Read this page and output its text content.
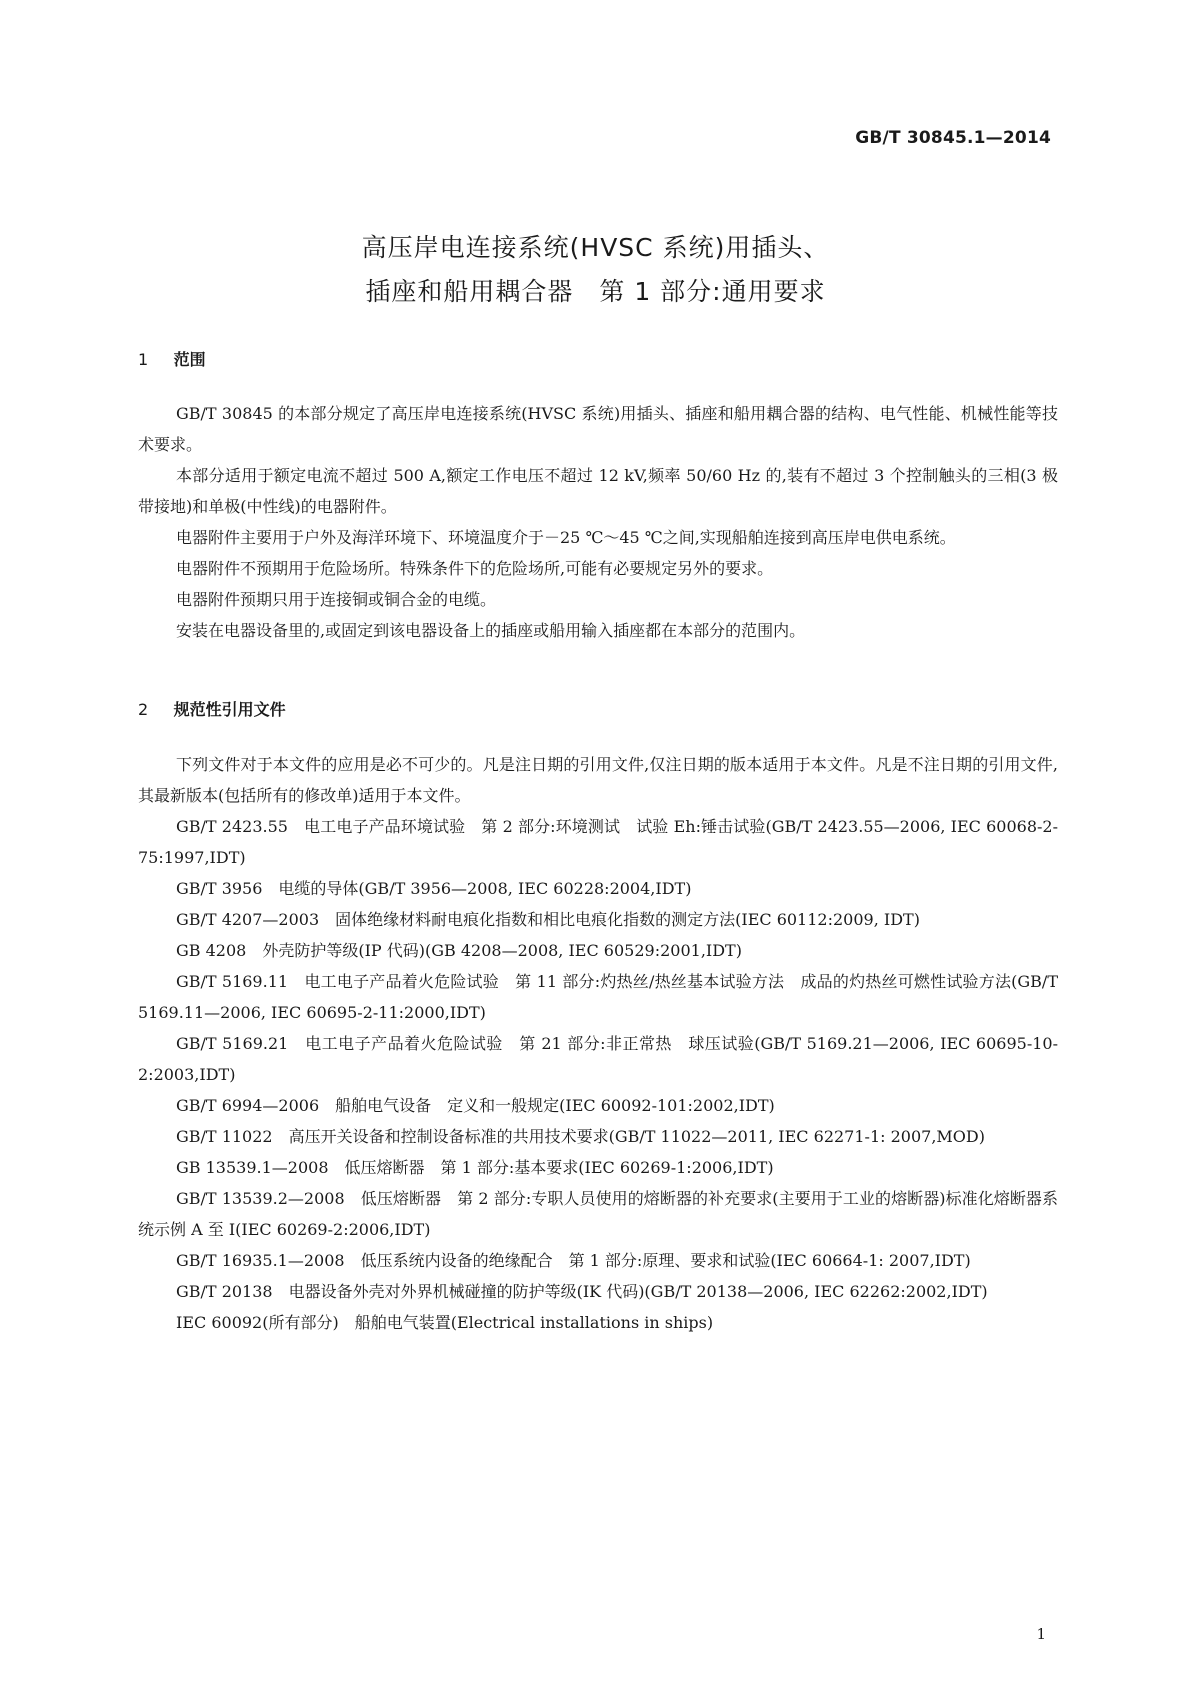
GB/T 30845.1—2014
高压岸电连接系统(HVSC 系统)用插头、
插座和船用耦合器　第 1 部分:通用要求
1 范围

GB/T 30845 的本部分规定了高压岸电连接系统(HVSC 系统)用插头、插座和船用耦合器的结构、电气性能、机械性能等技术要求。

本部分适用于额定电流不超过 500 A,额定工作电压不超过 12 kV,频率 50/60 Hz 的,装有不超过 3 个控制触头的三相(3 极带接地)和单极(中性线)的电器附件。

电器附件主要用于户外及海洋环境下、环境温度介于－25 ℃～45 ℃之间,实现船舶连接到高压岸电供电系统。

电器附件不预期用于危险场所。特殊条件下的危险场所,可能有必要规定另外的要求。

电器附件预期只用于连接铜或铜合金的电缆。

安装在电器设备里的,或固定到该电器设备上的插座或船用输入插座都在本部分的范围内。

2 规范性引用文件

下列文件对于本文件的应用是必不可少的。凡是注日期的引用文件,仅注日期的版本适用于本文件。凡是不注日期的引用文件,其最新版本(包括所有的修改单)适用于本文件。

GB/T 2423.55　电工电子产品环境试验　第 2 部分:环境测试　试验 Eh:锤击试验(GB/T 2423.55—2006, IEC 60068-2-75:1997,IDT)

GB/T 3956　电缆的导体(GB/T 3956—2008, IEC 60228:2004,IDT)

GB/T 4207—2003　固体绝缘材料耐电痕化指数和相比电痕化指数的测定方法(IEC 60112:2009, IDT)

GB 4208　外壳防护等级(IP 代码)(GB 4208—2008, IEC 60529:2001,IDT)

GB/T 5169.11　电工电子产品着火危险试验　第 11 部分:灼热丝/热丝基本试验方法　成品的灼热丝可燃性试验方法(GB/T 5169.11—2006, IEC 60695-2-11:2000,IDT)

GB/T 5169.21　电工电子产品着火危险试验　第 21 部分:非正常热　球压试验(GB/T 5169.21—2006, IEC 60695-10-2:2003,IDT)

GB/T 6994—2006　船舶电气设备　定义和一般规定(IEC 60092-101:2002,IDT)

GB/T 11022　高压开关设备和控制设备标准的共用技术要求(GB/T 11022—2011, IEC 62271-1: 2007,MOD)

GB 13539.1—2008　低压熔断器　第 1 部分:基本要求(IEC 60269-1:2006,IDT)

GB/T 13539.2—2008　低压熔断器　第 2 部分:专职人员使用的熔断器的补充要求(主要用于工业的熔断器)标准化熔断器系统示例 A 至 I(IEC 60269-2:2006,IDT)

GB/T 16935.1—2008　低压系统内设备的绝缘配合　第 1 部分:原理、要求和试验(IEC 60664-1: 2007,IDT)

GB/T 20138　电器设备外壳对外界机械碰撞的防护等级(IK 代码)(GB/T 20138—2006, IEC 62262:2002,IDT)

IEC 60092(所有部分)　船舶电气装置(Electrical installations in ships)

1
